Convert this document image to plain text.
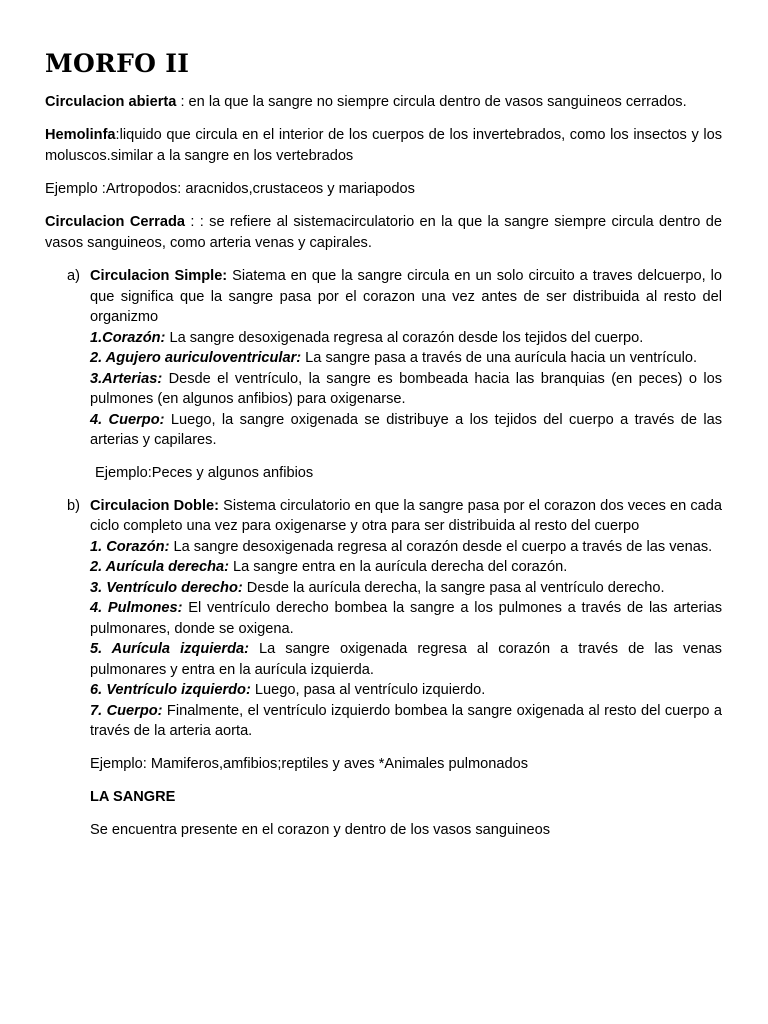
MORFO II

Circulacion abierta : en la que la sangre no siempre circula dentro de vasos sanguineos cerrados.

Hemolinfa:liquido que circula en el interior de los cuerpos de los invertebrados, como los insectos y los moluscos.similar a la sangre en los vertebrados

Ejemplo :Artropodos: aracnidos,crustaceos y mariapodos

Circulacion Cerrada : : se refiere al sistemacirculatorio en la que la sangre siempre circula dentro de vasos sanguineos, como arteria venas y capirales.

a) Circulacion Simple: Siatema en que la sangre circula en un solo circuito a traves delcuerpo, lo que significa que la sangre pasa por el corazon una vez antes de ser distribuida al resto del organizmo

1.Corazón: La sangre desoxigenada regresa al corazón desde los tejidos del cuerpo.

2. Agujero auriculoventricular: La sangre pasa a través de una aurícula hacia un ventrículo.

3.Arterias: Desde el ventrículo, la sangre es bombeada hacia las branquias (en peces) o los pulmones (en algunos anfibios) para oxigenarse.

4. Cuerpo: Luego, la sangre oxigenada se distribuye a los tejidos del cuerpo a través de las arterias y capilares.

Ejemplo:Peces y algunos anfibios

b) Circulacion Doble: Sistema circulatorio en que la sangre pasa por el corazon dos veces en cada ciclo completo una vez para oxigenarse y otra para ser distribuida al resto del cuerpo

1. Corazón: La sangre desoxigenada regresa al corazón desde el cuerpo a través de las venas.

2. Aurícula derecha: La sangre entra en la aurícula derecha del corazón.

3. Ventrículo derecho: Desde la aurícula derecha, la sangre pasa al ventrículo derecho.

4. Pulmones: El ventrículo derecho bombea la sangre a los pulmones a través de las arterias pulmonares, donde se oxigena.

5. Aurícula izquierda: La sangre oxigenada regresa al corazón a través de las venas pulmonares y entra en la aurícula izquierda.

6. Ventrículo izquierdo: Luego, pasa al ventrículo izquierdo.

7. Cuerpo: Finalmente, el ventrículo izquierdo bombea la sangre oxigenada al resto del cuerpo a través de la arteria aorta.

Ejemplo: Mamiferos,amfibios;reptiles y aves *Animales pulmonados

LA SANGRE

Se encuentra presente en el corazon y dentro de los vasos sanguineos
